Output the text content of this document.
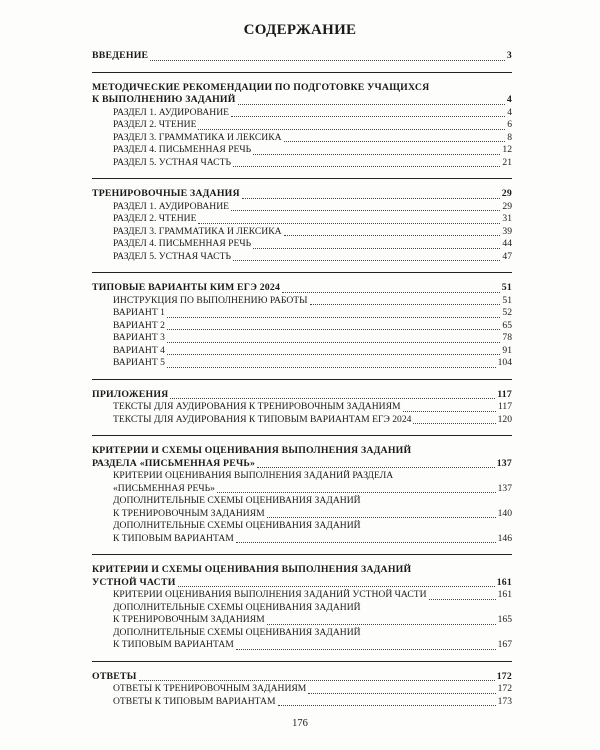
СОДЕРЖАНИЕ
ВВЕДЕНИЕ	3
МЕТОДИЧЕСКИЕ РЕКОМЕНДАЦИИ ПО ПОДГОТОВКЕ УЧАЩИХСЯ
К ВЫПОЛНЕНИЮ ЗАДАНИЙ	4
РАЗДЕЛ 1. АУДИРОВАНИЕ	4
РАЗДЕЛ 2. ЧТЕНИЕ	6
РАЗДЕЛ 3. ГРАММАТИКА И ЛЕКСИКА	8
РАЗДЕЛ 4. ПИСЬМЕННАЯ РЕЧЬ	12
РАЗДЕЛ 5. УСТНАЯ ЧАСТЬ	21
ТРЕНИРОВОЧНЫЕ ЗАДАНИЯ	29
РАЗДЕЛ 1. АУДИРОВАНИЕ	29
РАЗДЕЛ 2. ЧТЕНИЕ	31
РАЗДЕЛ 3. ГРАММАТИКА И ЛЕКСИКА	39
РАЗДЕЛ 4. ПИСЬМЕННАЯ РЕЧЬ	44
РАЗДЕЛ 5. УСТНАЯ ЧАСТЬ	47
ТИПОВЫЕ ВАРИАНТЫ КИМ ЕГЭ 2024	51
ИНСТРУКЦИЯ ПО ВЫПОЛНЕНИЮ РАБОТЫ	51
ВАРИАНТ 1	52
ВАРИАНТ 2	65
ВАРИАНТ 3	78
ВАРИАНТ 4	91
ВАРИАНТ 5	104
ПРИЛОЖЕНИЯ	117
ТЕКСТЫ ДЛЯ АУДИРОВАНИЯ К ТРЕНИРОВОЧНЫМ ЗАДАНИЯМ	117
ТЕКСТЫ ДЛЯ АУДИРОВАНИЯ К ТИПОВЫМ ВАРИАНТАМ ЕГЭ 2024	120
КРИТЕРИИ И СХЕМЫ ОЦЕНИВАНИЯ ВЫПОЛНЕНИЯ ЗАДАНИЙ
РАЗДЕЛА «ПИСЬМЕННАЯ РЕЧЬ»	137
КРИТЕРИИ ОЦЕНИВАНИЯ ВЫПОЛНЕНИЯ ЗАДАНИЙ РАЗДЕЛА
«ПИСЬМЕННАЯ РЕЧЬ»	137
ДОПОЛНИТЕЛЬНЫЕ СХЕМЫ ОЦЕНИВАНИЯ ЗАДАНИЙ
К ТРЕНИРОВОЧНЫМ ЗАДАНИЯМ	140
ДОПОЛНИТЕЛЬНЫЕ СХЕМЫ ОЦЕНИВАНИЯ ЗАДАНИЙ
К ТИПОВЫМ ВАРИАНТАМ	146
КРИТЕРИИ И СХЕМЫ ОЦЕНИВАНИЯ ВЫПОЛНЕНИЯ ЗАДАНИЙ
УСТНОЙ ЧАСТИ	161
КРИТЕРИИ ОЦЕНИВАНИЯ ВЫПОЛНЕНИЯ ЗАДАНИЙ УСТНОЙ ЧАСТИ	161
ДОПОЛНИТЕЛЬНЫЕ СХЕМЫ ОЦЕНИВАНИЯ ЗАДАНИЙ
К ТРЕНИРОВОЧНЫМ ЗАДАНИЯМ	165
ДОПОЛНИТЕЛЬНЫЕ СХЕМЫ ОЦЕНИВАНИЯ ЗАДАНИЙ
К ТИПОВЫМ ВАРИАНТАМ	167
ОТВЕТЫ	172
ОТВЕТЫ К ТРЕНИРОВОЧНЫМ ЗАДАНИЯМ	172
ОТВЕТЫ К ТИПОВЫМ ВАРИАНТАМ	173
176
